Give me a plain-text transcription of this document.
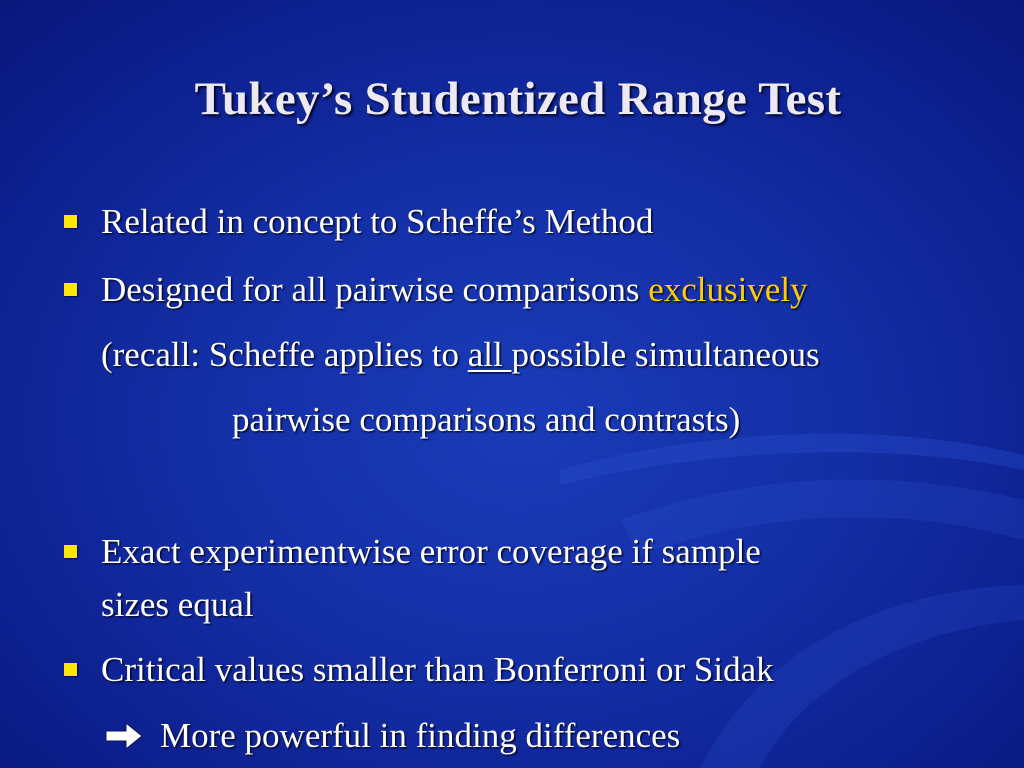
Tukey’s Studentized Range Test
Related in concept to Scheffe’s Method
Designed for all pairwise comparisons exclusively
(recall: Scheffe applies to all possible simultaneous
pairwise comparisons and contrasts)
Exact experimentwise error coverage if sample
sizes equal
Critical values smaller than Bonferroni or Sidak
More powerful in finding differences
